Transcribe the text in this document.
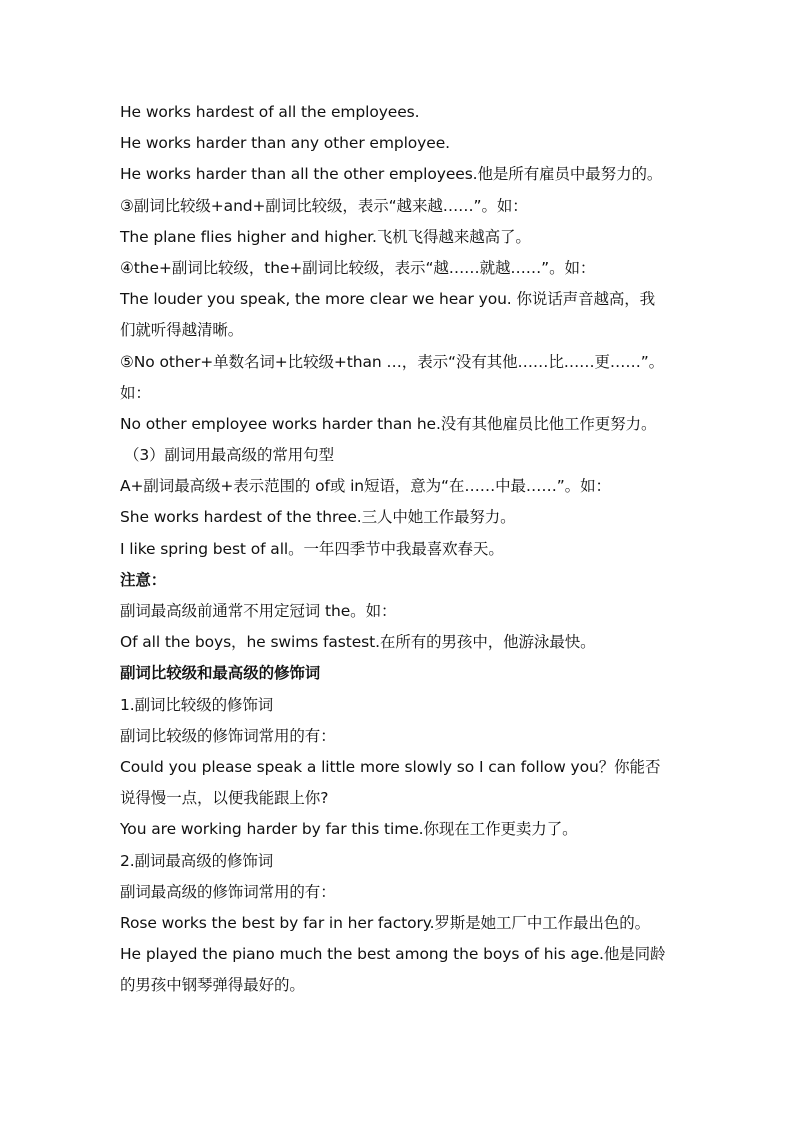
He works hardest of all the employees.
He works harder than any other employee.
He works harder than all the other employees.他是所有雇员中最努力的。
③副词比较级+and+副词比较级，表示“越来越……”。如：
The plane flies higher and higher.飞机飞得越来越高了。
④the+副词比较级，the+副词比较级，表示“越……就越……”。如：
The louder you speak, the more clear we hear you. 你说话声音越高，我
们就听得越清晰。
⑤No other+单数名词+比较级+than …，表示“没有其他……比……更……”。
如：
No other employee works harder than he.没有其他雇员比他工作更努力。
（3）副词用最高级的常用句型
A+副词最高级+表示范围的 of或 in短语，意为“在……中最……”。如：
She works hardest of the three.三人中她工作最努力。
I like spring best of all。一年四季节中我最喜欢春天。
注意：
副词最高级前通常不用定冠词 the。如：
Of all the boys，he swims fastest.在所有的男孩中，他游泳最快。
副词比较级和最高级的修饰词
1.副词比较级的修饰词
副词比较级的修饰词常用的有：
Could you please speak a little more slowly so I can follow you？你能否
说得慢一点，以便我能跟上你?
You are working harder by far this time.你现在工作更卖力了。
2.副词最高级的修饰词
副词最高级的修饰词常用的有：
Rose works the best by far in her factory.罗斯是她工厂中工作最出色的。
He played the piano much the best among the boys of his age.他是同龄
的男孩中钢琴弹得最好的。
